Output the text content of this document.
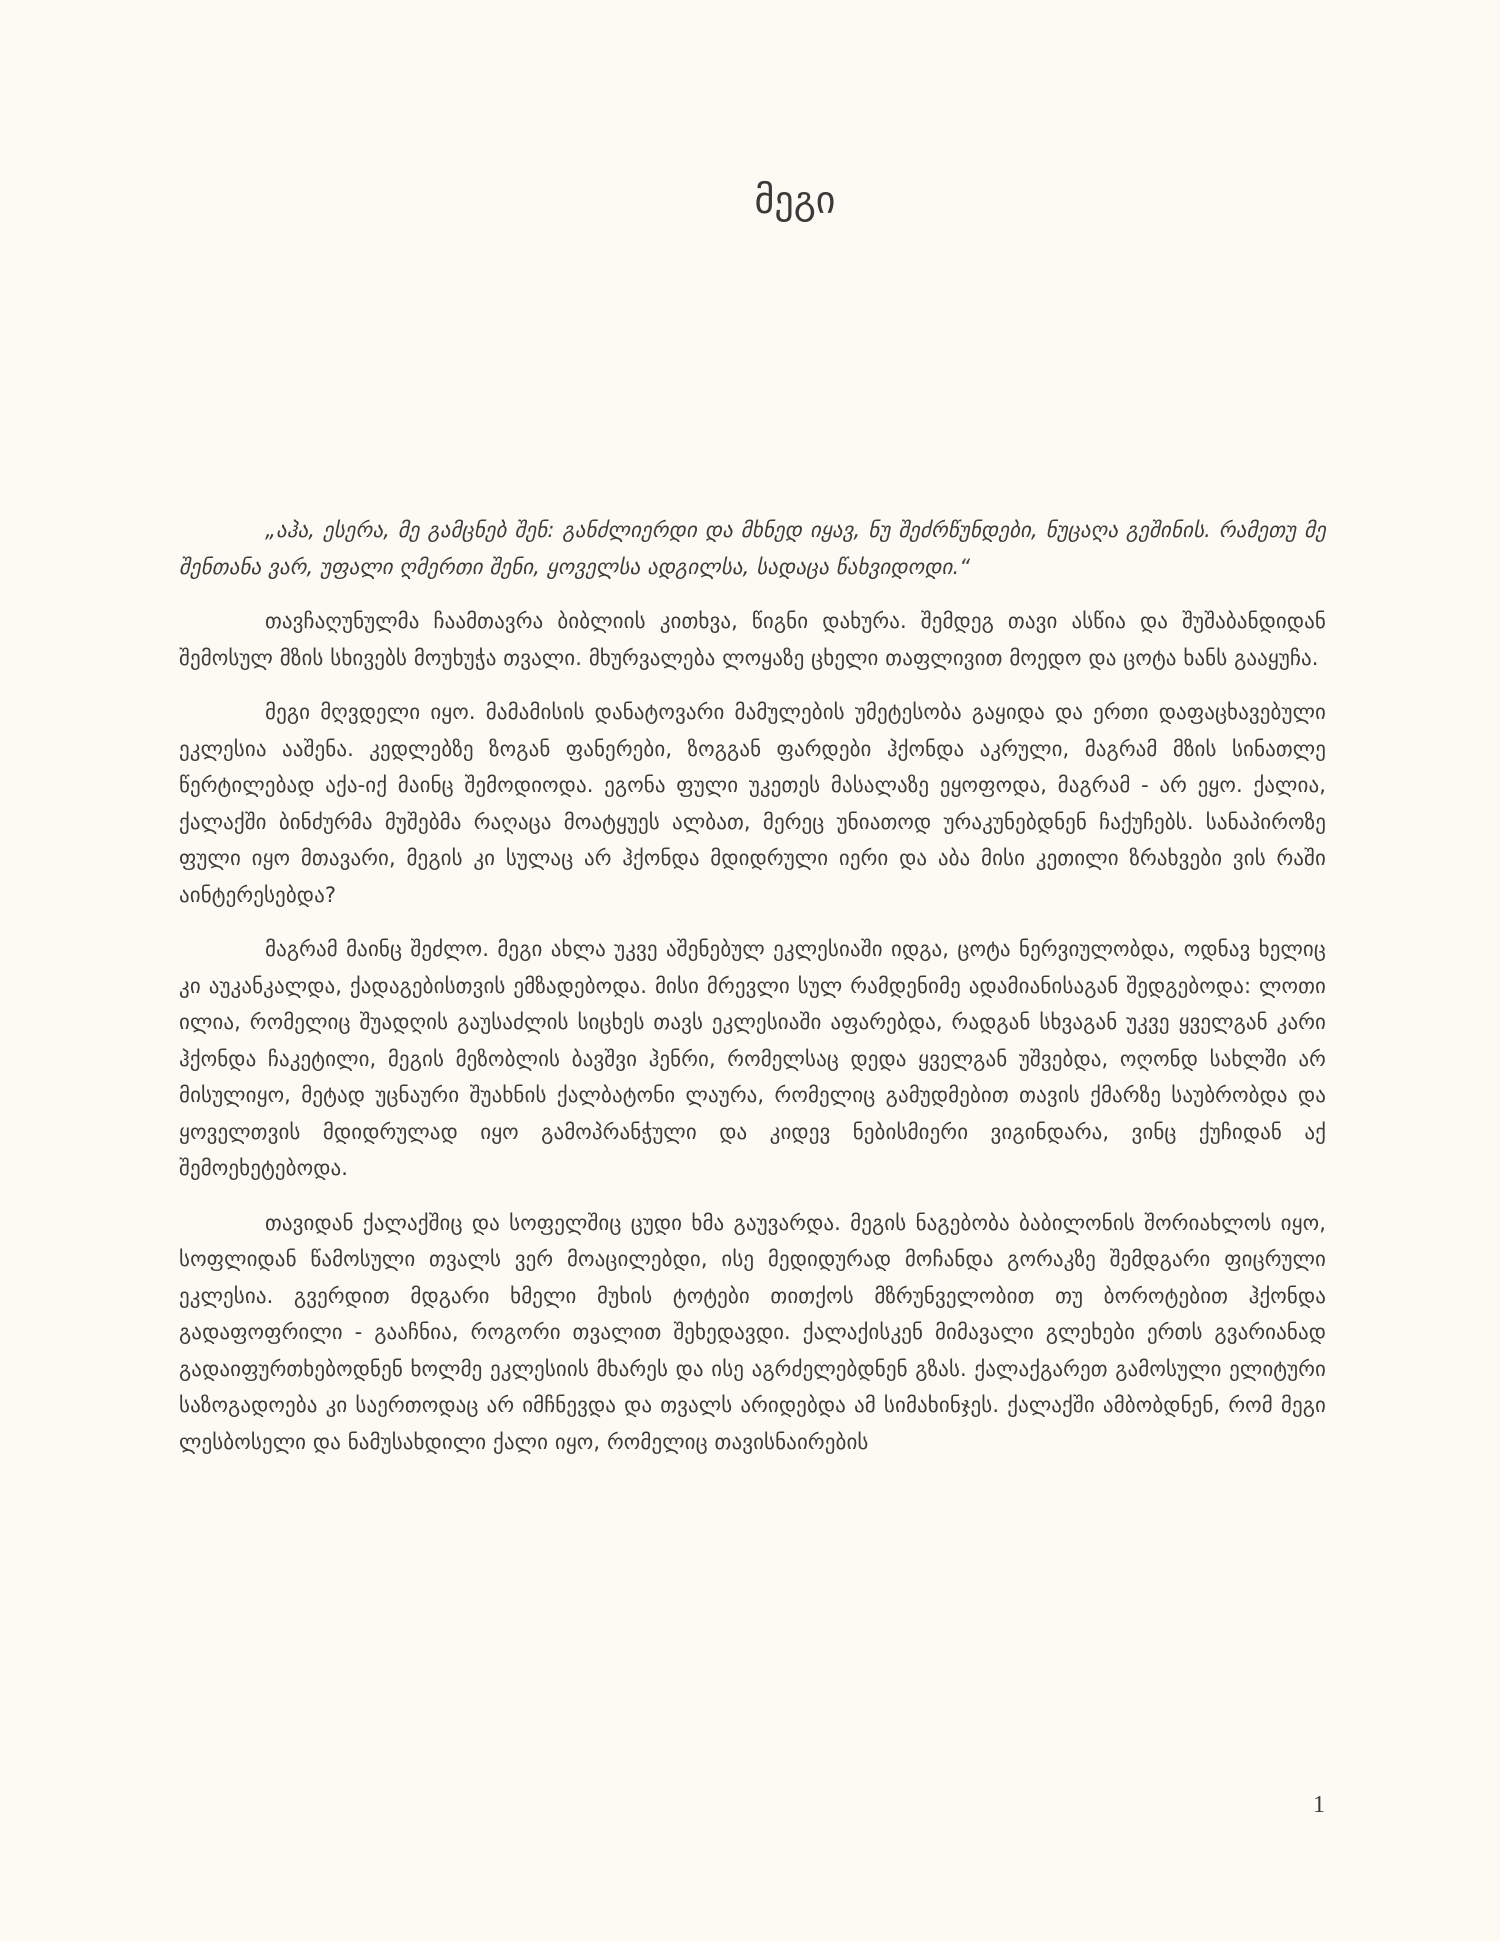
მეგი

„აჰა, ესერა, მე გამცნებ შენ: განძლიერდი და მხნედ იყავ, ნუ შეძრწუნდები, ნუცაღა გეშინის. რამეთუ მე შენთანა ვარ, უფალი ღმერთი შენი, ყოველსა ადგილსა, სადაცა წახვიდოდი.“

თავჩაღუნულმა ჩაამთავრა ბიბლიის კითხვა, წიგნი დახურა. შემდეგ თავი ასწია და შუშაბანდიდან შემოსულ მზის სხივებს მოუხუჭა თვალი. მხურვალება ლოყაზე ცხელი თაფლივით მოედო და ცოტა ხანს გააყუჩა.

მეგი მღვდელი იყო. მამამისის დანატოვარი მამულების უმეტესობა გაყიდა და ერთი დაფაცხავებული ეკლესია ააშენა. კედლებზე ზოგან ფანერები, ზოგგან ფარდები ჰქონდა აკრული, მაგრამ მზის სინათლე წერტილებად აქა-იქ მაინც შემოდიოდა. ეგონა ფული უკეთეს მასალაზე ეყოფოდა, მაგრამ - არ ეყო. ქალია, ქალაქში ბინძურმა მუშებმა რაღაცა მოატყუეს ალბათ, მერეც უნიათოდ ურაკუნებდნენ ჩაქუჩებს. სანაპიროზე ფული იყო მთავარი, მეგის კი სულაც არ ჰქონდა მდიდრული იერი და აბა მისი კეთილი ზრახვები ვის რაში აინტერესებდა?

მაგრამ მაინც შეძლო. მეგი ახლა უკვე აშენებულ ეკლესიაში იდგა, ცოტა ნერვიულობდა, ოდნავ ხელიც კი აუკანკალდა, ქადაგებისთვის ემზადებოდა. მისი მრევლი სულ რამდენიმე ადამიანისაგან შედგებოდა: ლოთი ილია, რომელიც შუადღის გაუსაძლის სიცხეს თავს ეკლესიაში აფარებდა, რადგან სხვაგან უკვე ყველგან კარი ჰქონდა ჩაკეტილი, მეგის მეზობლის ბავშვი ჰენრი, რომელსაც დედა ყველგან უშვებდა, ოღონდ სახლში არ მისულიყო, მეტად უცნაური შუახნის ქალბატონი ლაურა, რომელიც გამუდმებით თავის ქმარზე საუბრობდა და ყოველთვის მდიდრულად იყო გამოპრანჭული და კიდევ ნებისმიერი ვიგინდარა, ვინც ქუჩიდან აქ შემოეხეტებოდა.

თავიდან ქალაქშიც და სოფელშიც ცუდი ხმა გაუვარდა. მეგის ნაგებობა ბაბილონის შორიახლოს იყო, სოფლიდან წამოსული თვალს ვერ მოაცილებდი, ისე მედიდურად მოჩანდა გორაკზე შემდგარი ფიცრული ეკლესია. გვერდით მდგარი ხმელი მუხის ტოტები თითქოს მზრუნველობით თუ ბოროტებით ჰქონდა გადაფოფრილი - გააჩნია, როგორი თვალით შეხედავდი. ქალაქისკენ მიმავალი გლეხები ერთს გვარიანად გადაიფურთხებოდნენ ხოლმე ეკლესიის მხარეს და ისე აგრძელებდნენ გზას. ქალაქგარეთ გამოსული ელიტური საზოგადოება კი საერთოდაც არ იმჩნევდა და თვალს არიდებდა ამ სიმახინჯეს. ქალაქში ამბობდნენ, რომ მეგი ლესბოსელი და ნამუსახდილი ქალი იყო, რომელიც თავისნაირების

1
